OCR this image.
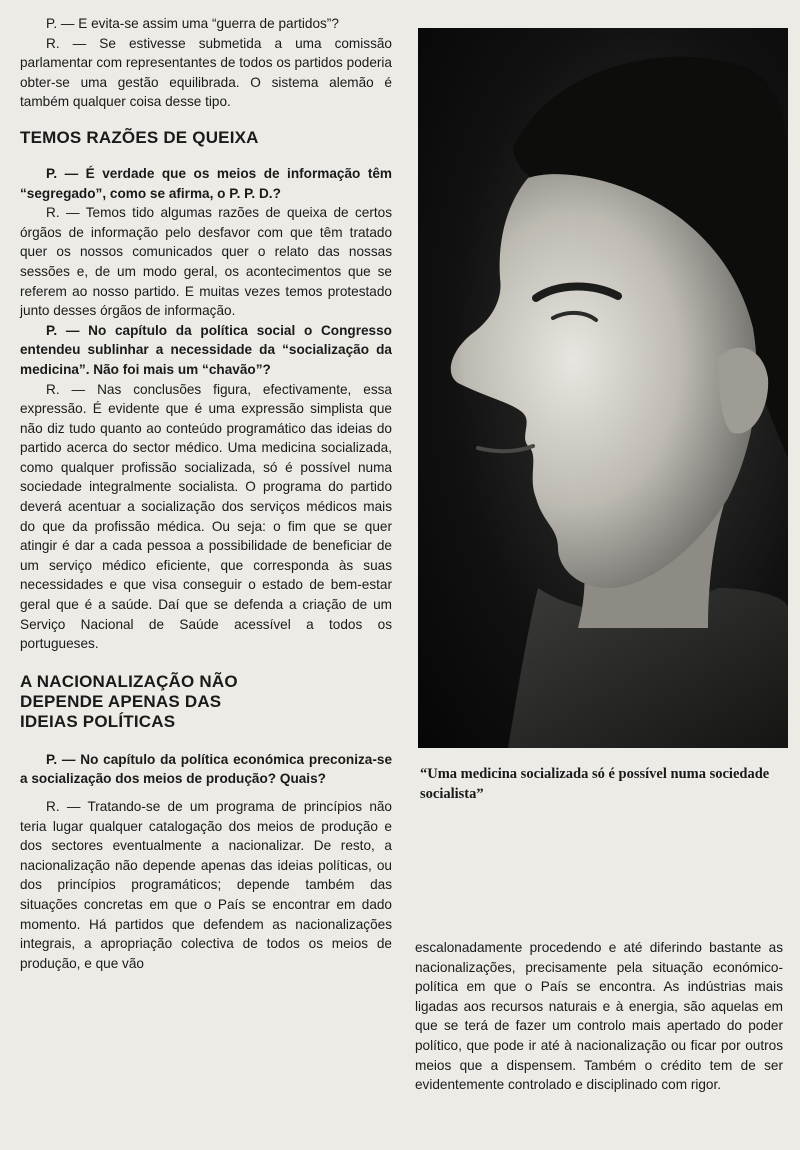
P. — E evita-se assim uma “guerra de partidos”?

R. — Se estivesse submetida a uma comissão parlamentar com representantes de todos os partidos poderia obter-se uma gestão equilibrada. O sistema alemão é também qualquer coisa desse tipo.

TEMOS RAZÕES DE QUEIXA

P. — É verdade que os meios de informação têm “segregado”, como se afirma, o P. P. D.?

R. — Temos tido algumas razões de queixa de certos órgãos de informação pelo desfavor com que têm tratado quer os nossos comunicados quer o relato das nossas sessões e, de um modo geral, os acontecimentos que se referem ao nosso partido. E muitas vezes temos protestado junto desses órgãos de informação.

P. — No capítulo da política social o Congresso entendeu sublinhar a necessidade da “socialização da medicina”. Não foi mais um “chavão”?

R. — Nas conclusões figura, efectivamente, essa expressão. É evidente que é uma expressão simplista que não diz tudo quanto ao conteúdo programático das ideias do partido acerca do sector médico. Uma medicina socializada, como qualquer profissão socializada, só é possível numa sociedade integralmente socialista. O programa do partido deverá acentuar a socialização dos serviços médicos mais do que da profissão médica. Ou seja: o fim que se quer atingir é dar a cada pessoa a possibilidade de beneficiar de um serviço médico eficiente, que corresponda às suas necessidades e que visa conseguir o estado de bem-estar geral que é a saúde. Daí que se defenda a criação de um Serviço Nacional de Saúde acessível a todos os portugueses.

A NACIONALIZAÇÃO NÃO
DEPENDE APENAS DAS
IDEIAS POLÍTICAS

P. — No capítulo da política económica preconiza-se a socialização dos meios de produção? Quais?

R. — Tratando-se de um programa de princípios não teria lugar qualquer catalogação dos meios de produção e dos sectores eventualmente a nacionalizar. De resto, a nacionalização não depende apenas das ideias políticas, ou dos princípios programáticos; depende também das situações concretas em que o País se encontrar em dado momento. Há partidos que defendem as nacionalizações integrais, a apropriação colectiva de todos os meios de produção, e que vão

“Uma medicina socializada só é possível numa sociedade socialista”

escalonadamente procedendo e até diferindo bastante as nacionalizações, precisamente pela situação económico-política em que o País se encontra. As indústrias mais ligadas aos recursos naturais e à energia, são aquelas em que se terá de fazer um controlo mais apertado do poder político, que pode ir até à nacionalização ou ficar por outros meios que a dispensem. Também o crédito tem de ser evidentemente controlado e disciplinado com rigor.
